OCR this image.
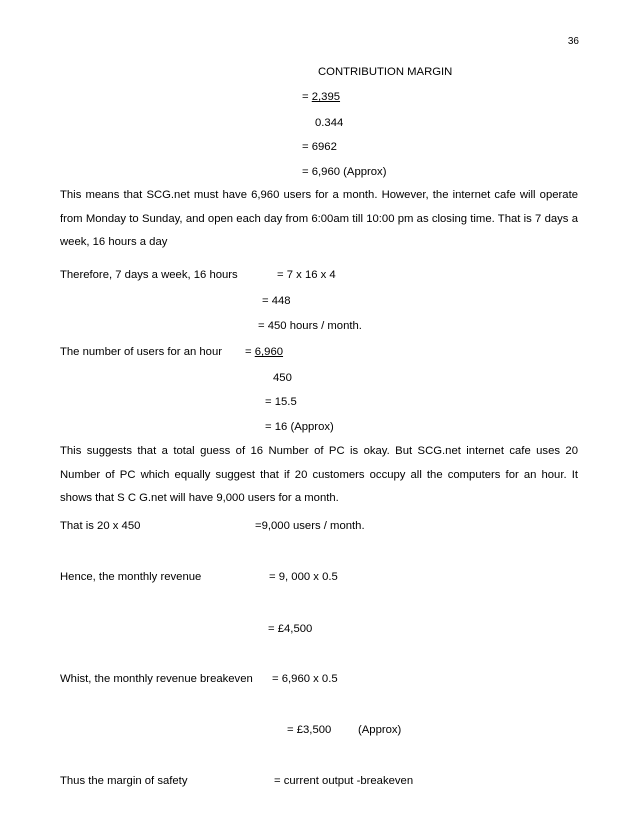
36
CONTRIBUTION MARGIN
= 2,395
0.344
= 6962
= 6,960 (Approx)
This means that SCG.net must have 6,960 users for a month. However, the internet cafe will operate from Monday to Sunday, and open each day from 6:00am till 10:00 pm as closing time. That is 7 days a week, 16 hours a day
Therefore, 7 days a week, 16 hours	= 7 x 16 x 4
= 448
= 450 hours / month.
The number of users for an hour = 6,960
450
= 15.5
= 16 (Approx)
This suggests that a total guess of 16 Number of PC is okay. But SCG.net internet cafe uses 20 Number of PC which equally suggest that if 20 customers occupy all the computers for an hour. It shows that S C G.net will have 9,000 users for a month.
That is 20 x 450	=9,000 users / month.
Hence, the monthly revenue	= 9, 000 x 0.5
= £4,500
Whist, the monthly revenue breakeven = 6,960 x 0.5
= £3,500 (Approx)
Thus the margin of safety	= current output -breakeven
